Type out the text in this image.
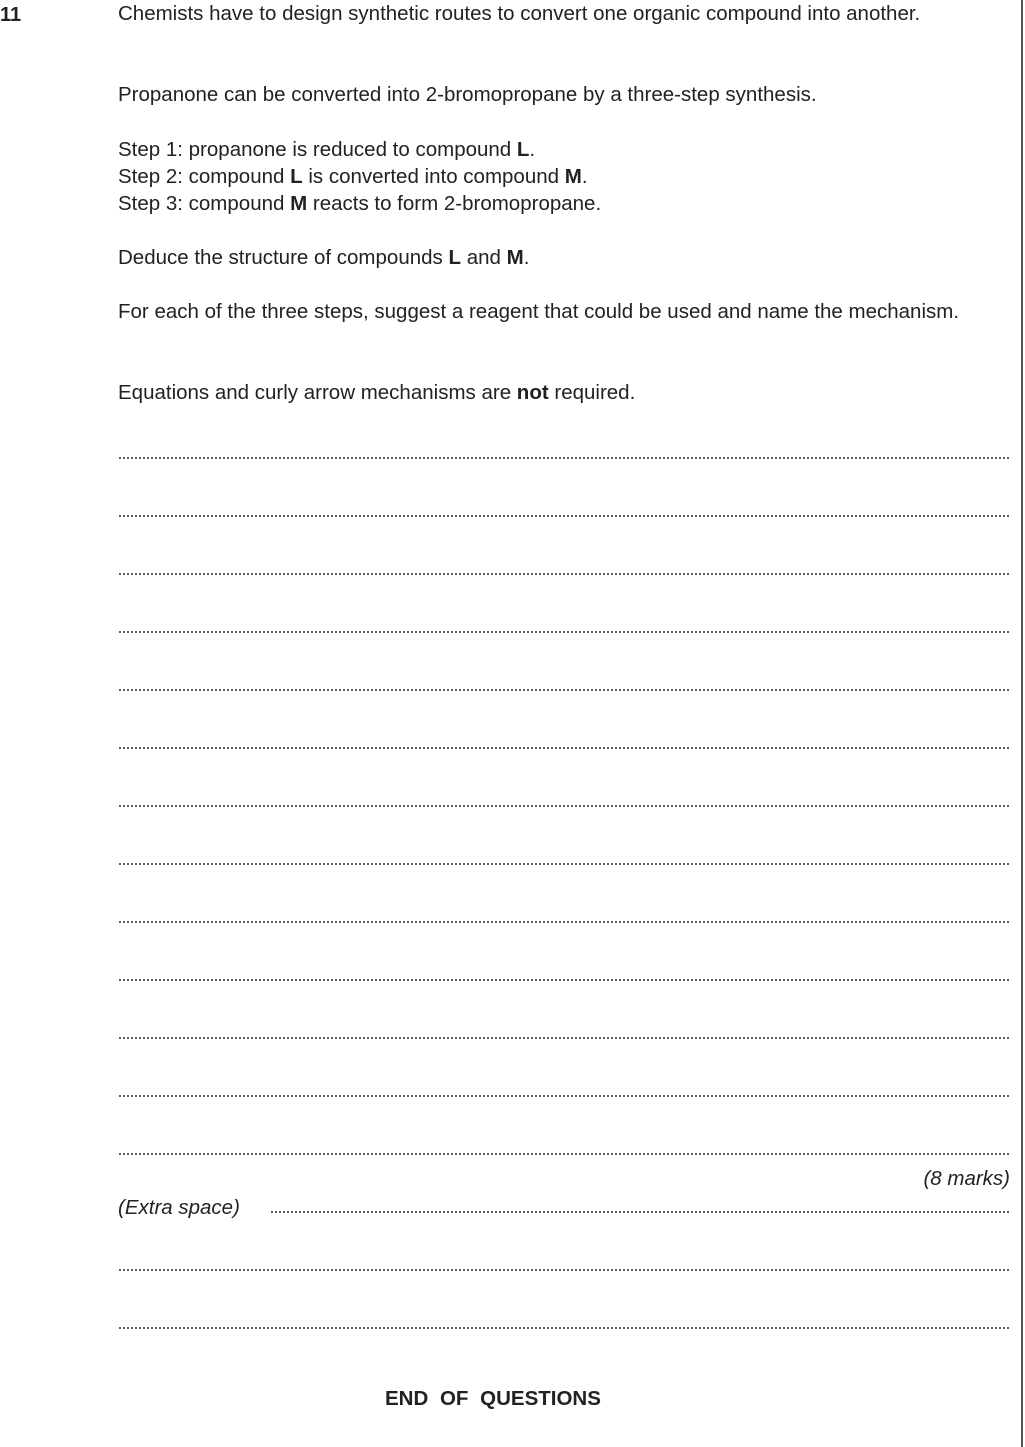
11	Chemists have to design synthetic routes to convert one organic compound into another.
Propanone can be converted into 2-bromopropane by a three-step synthesis.
Step 1: propanone is reduced to compound L.
Step 2: compound L is converted into compound M.
Step 3: compound M reacts to form 2-bromopropane.
Deduce the structure of compounds L and M.
For each of the three steps, suggest a reagent that could be used and name the mechanism.
Equations and curly arrow mechanisms are not required.
(8 marks)
(Extra space)
END OF QUESTIONS
